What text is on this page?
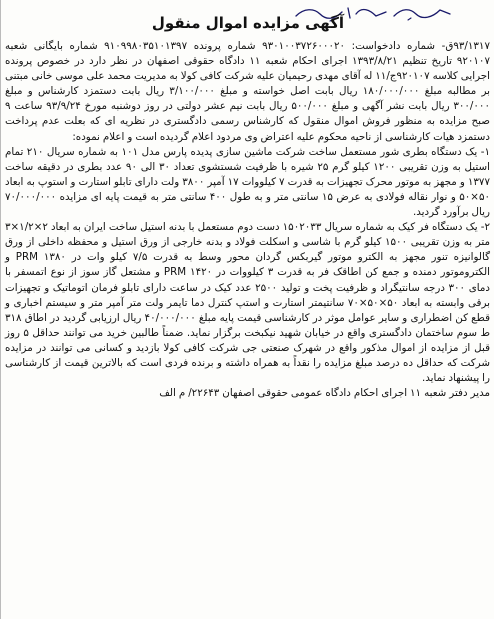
آگهی مزایده اموال منقول

۹۳/۱۳۱۷ق- شماره دادخواست: ۹۳۰۱۰۰۳۷۲۶۰۰۰۲۰ شماره پرونده ۹۱۰۹۹۸۰۳۵۱۰۱۳۹۷ شماره بایگانی شعبه ۹۲۰۱۰۷ تاریخ تنظیم ۱۳۹۳/۸/۲۱ اجرای احکام شعبه ۱۱ دادگاه حقوقی اصفهان در نظر دارد در خصوص پرونده اجرایی کلاسه ۹۲۰۱۰۷ج/۱۱ له آقای مهدی رحیمیان علیه شرکت کافی کولا به مدیریت محمد علی موسی خانی مبتنی بر مطالبه مبلغ ۱۸۰/۰۰۰/۰۰۰ ریال بابت اصل خواسته و مبلغ ۳/۱۰۰/۰۰۰ ریال بابت دستمزد کارشناس و مبلغ ۳۰۰/۰۰۰ ریال بابت نشر آگهی و مبلغ ۵۰۰/۰۰۰ ریال بابت نیم عشر دولتی در روز دوشنبه مورخ ۹۳/۹/۲۴ ساعت ۹ صبح مزایده به منظور فروش اموال منقول که کارشناس رسمی دادگستری در نظریه ای که بعلت عدم پرداخت دستمزد هیات کارشناسی از ناحیه محکوم علیه اعتراض وی مردود اعلام گردیده است و اعلام نموده:

۱- یک دستگاه بطری شور مستعمل ساخت شرکت ماشین سازی پدیده پارس مدل ۱۰۱ به شماره سریال ۲۱۰ تمام استیل به وزن تقریبی ۱۲۰۰ کیلو گرم ۲۵ شیره با ظرفیت شستشوی تعداد ۳۰ الی ۹۰ عدد بطری در دقیقه ساخت ۱۳۷۷ و مجهز به موتور محرک تجهیزات به قدرت ۷ کیلووات ۱۷ آمپر ۳۸۰۰ ولت دارای تابلو استارت و استوپ به ابعاد ۵۰×۵۰ و نوار نقاله فولادی به عرض ۱۵ سانتی متر و به طول ۴۰۰ سانتی متر به قیمت پایه ای مزایده ۷۰/۰۰۰/۰۰۰ ریال برآورد گردید.

۲- یک دستگاه فر کیک به شماره سریال ۱۵۰۲۰۳۳ دست دوم مستعمل با بدنه استیل ساخت ایران به ابعاد ۲×۱/۲×۳ متر به وزن تقریبی ۱۵۰۰ کیلو گرم با شاسی و اسکلت فولاد و بدنه خارجی از ورق استیل و محفظه داخلی از ورق گالوانیزه تنور مجهز به الکترو موتور گیربکس گردان محور وسط به قدرت ۷/۵ کیلو وات در ۱۳۸۰ PRM و الکتروموتور دمنده و جمع کن اطاقک فر به قدرت ۳ کیلووات در ۱۴۲۰ PRM و مشتعل گاز سوز از نوع اتمسفر با دمای ۳۰۰ درجه سانتیگراد و ظرفیت پخت و تولید ۲۵۰۰ عدد کیک در ساعت دارای تابلو فرمان اتوماتیک و تجهیزات برقی وابسته به ابعاد ۵۰×۵۰×۷۰ سانتیمتر استارت و استپ کنترل دما تایمر ولت متر آمپر متر و سیستم اخباری و قطع کن اضطراری و سایر عوامل موثر در کارشناسی قیمت پایه مبلغ ۴۰/۰۰۰/۰۰۰ ریال ارزیابی گردید در اطاق ۳۱۸ ط سوم ساختمان دادگستری واقع در خیابان شهید نیکبخت برگزار نماید. ضمناً طالبین خرید می توانند حداقل ۵ روز قبل از مزایده از اموال مذکور واقع در شهرک صنعتی جی شرکت کافی کولا بازدید و کسانی می توانند در مزایده شرکت که حداقل ده درصد مبلغ مزایده را نقداً به همراه داشته و برنده فردی است که بالاترین قیمت از کارشناسی را پیشنهاد نماید.

مدیر دفتر شعبه ۱۱ اجرای احکام دادگاه عمومی حقوقی اصفهان ۲۲۶۴۳/ م الف
